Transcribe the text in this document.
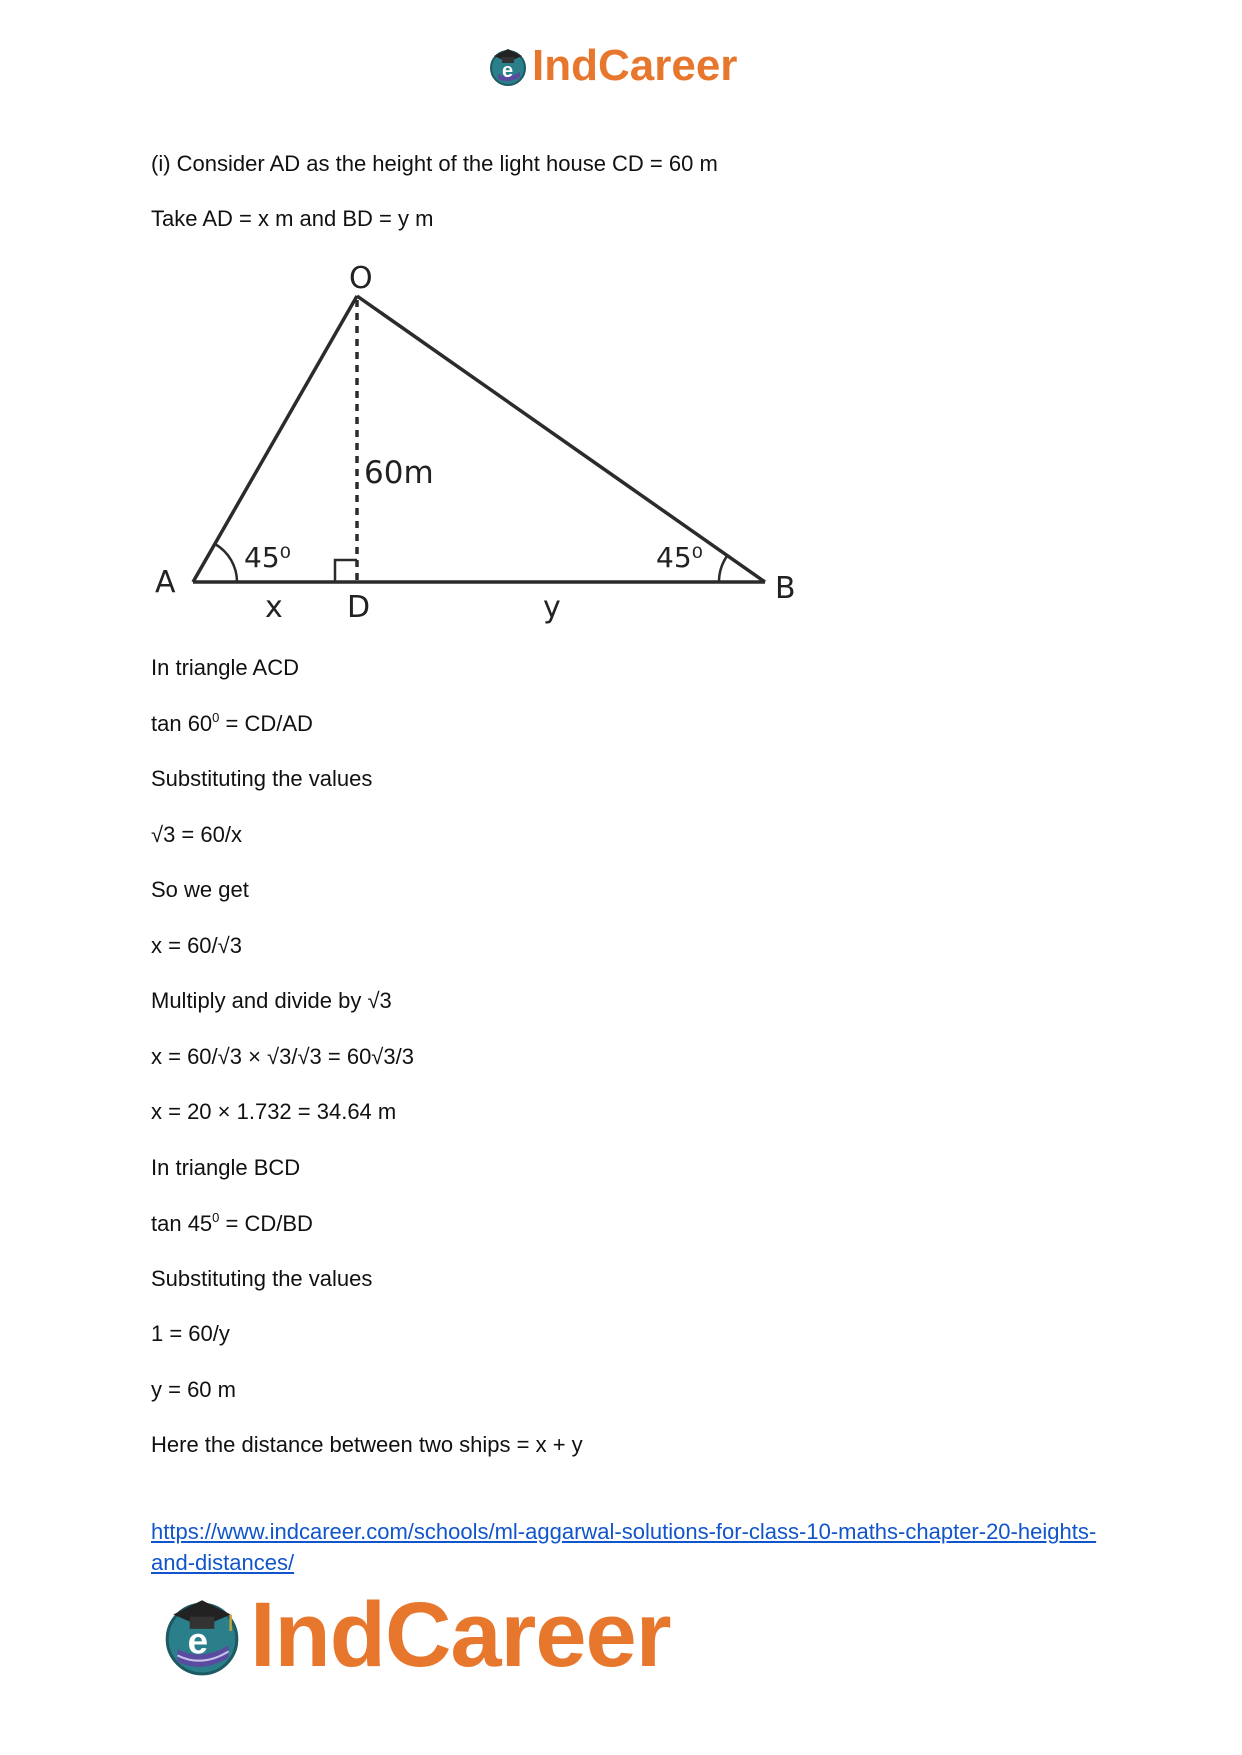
e IndCareer
(i) Consider AD as the height of the light house CD = 60 m
Take AD = x m and BD = y m
O
A	B
D
x	y
60m
45⁰	45⁰
In triangle ACD
$\tan 60^0 = CD/AD$
Substituting the values
√3 = 60/x
So we get
x = 60/√3
Multiply and divide by √3
x = 60/√3 × √3/√3 = 60√3/3
x = 20 × 1.732 = 34.64 m
In triangle BCD
$\tan 45^0 = CD/BD$
Substituting the values
1 = 60/y
y = 60 m
Here the distance between two ships = x + y
https://www.indcareer.com/schools/ml-aggarwal-solutions-for-class-10-maths-chapter-20-heights-and-distances/
e IndCareer
